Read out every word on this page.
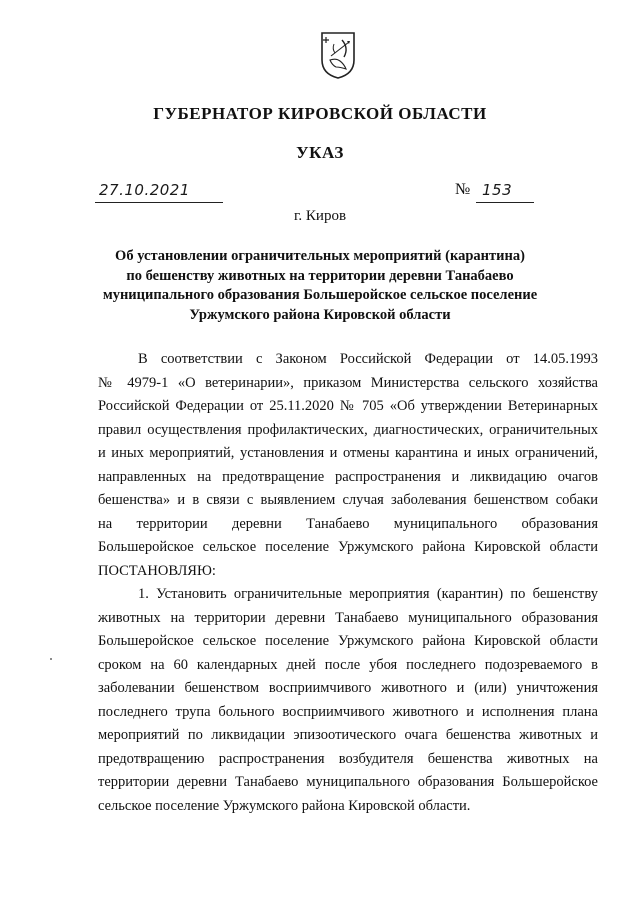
ГУБЕРНАТОР КИРОВСКОЙ ОБЛАСТИ
УКАЗ
27.10.2021	№ 153
г. Киров
Об установлении ограничительных мероприятий (карантина)
по бешенству животных на территории деревни Танабаево
муниципального образования Большеройское сельское поселение
Уржумского района Кировской области
В соответствии с Законом Российской Федерации от 14.05.1993
№ 4979-1 «О ветеринарии», приказом Министерства сельского хозяйства
Российской Федерации от 25.11.2020 № 705 «Об утверждении Ветеринарных
правил осуществления профилактических, диагностических, ограничительных
и иных мероприятий, установления и отмены карантина и иных ограничений,
направленных на предотвращение распространения и ликвидацию очагов
бешенства» и в связи с выявлением случая заболевания бешенством собаки
на территории деревни Танабаево муниципального образования
Большеройское сельское поселение Уржумского района Кировской области
ПОСТАНОВЛЯЮ:
1. Установить ограничительные мероприятия (карантин) по бешенству
животных на территории деревни Танабаево муниципального образования
Большеройское сельское поселение Уржумского района Кировской области
сроком на 60 календарных дней после убоя последнего подозреваемого в
заболевании бешенством восприимчивого животного и (или) уничтожения
последнего трупа больного восприимчивого животного и исполнения плана
мероприятий по ликвидации эпизоотического очага бешенства животных и
предотвращению распространения возбудителя бешенства животных на
территории деревни Танабаево муниципального образования Большеройское
сельское поселение Уржумского района Кировской области.
